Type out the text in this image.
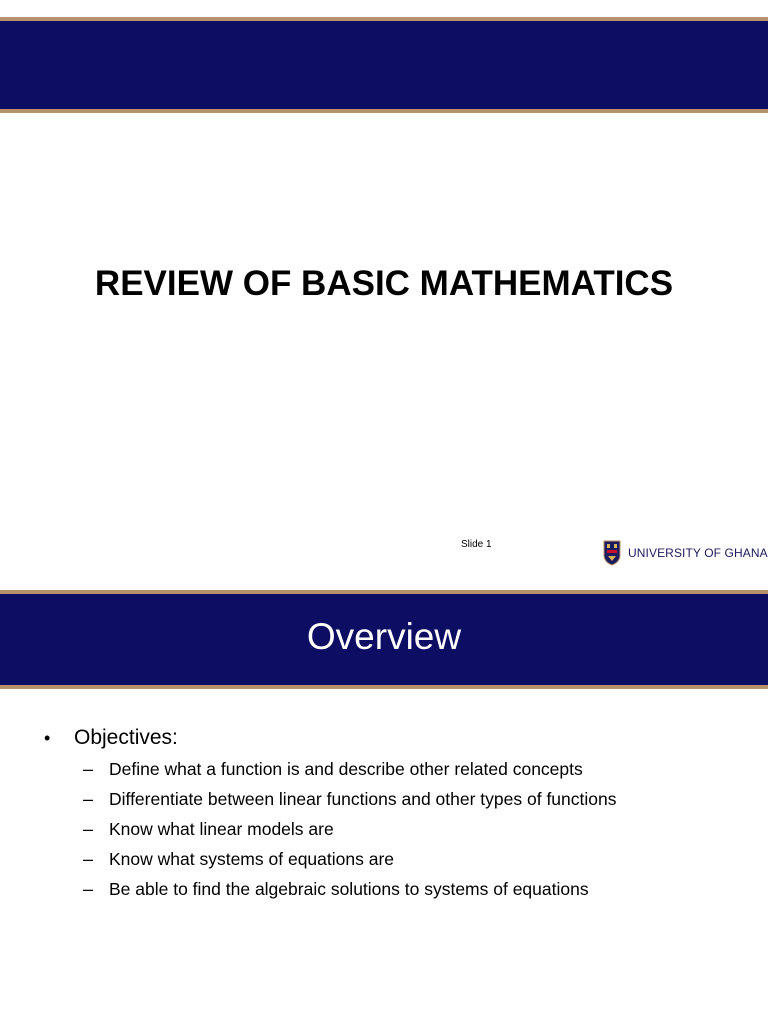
REVIEW OF BASIC MATHEMATICS
Slide 1
UNIVERSITY OF GHANA
Overview
•	Objectives:
– Define what a function is and describe other related concepts
– Differentiate between linear functions and other types of functions
– Know what linear models are
– Know what systems of equations are
– Be able to find the algebraic solutions to systems of equations
